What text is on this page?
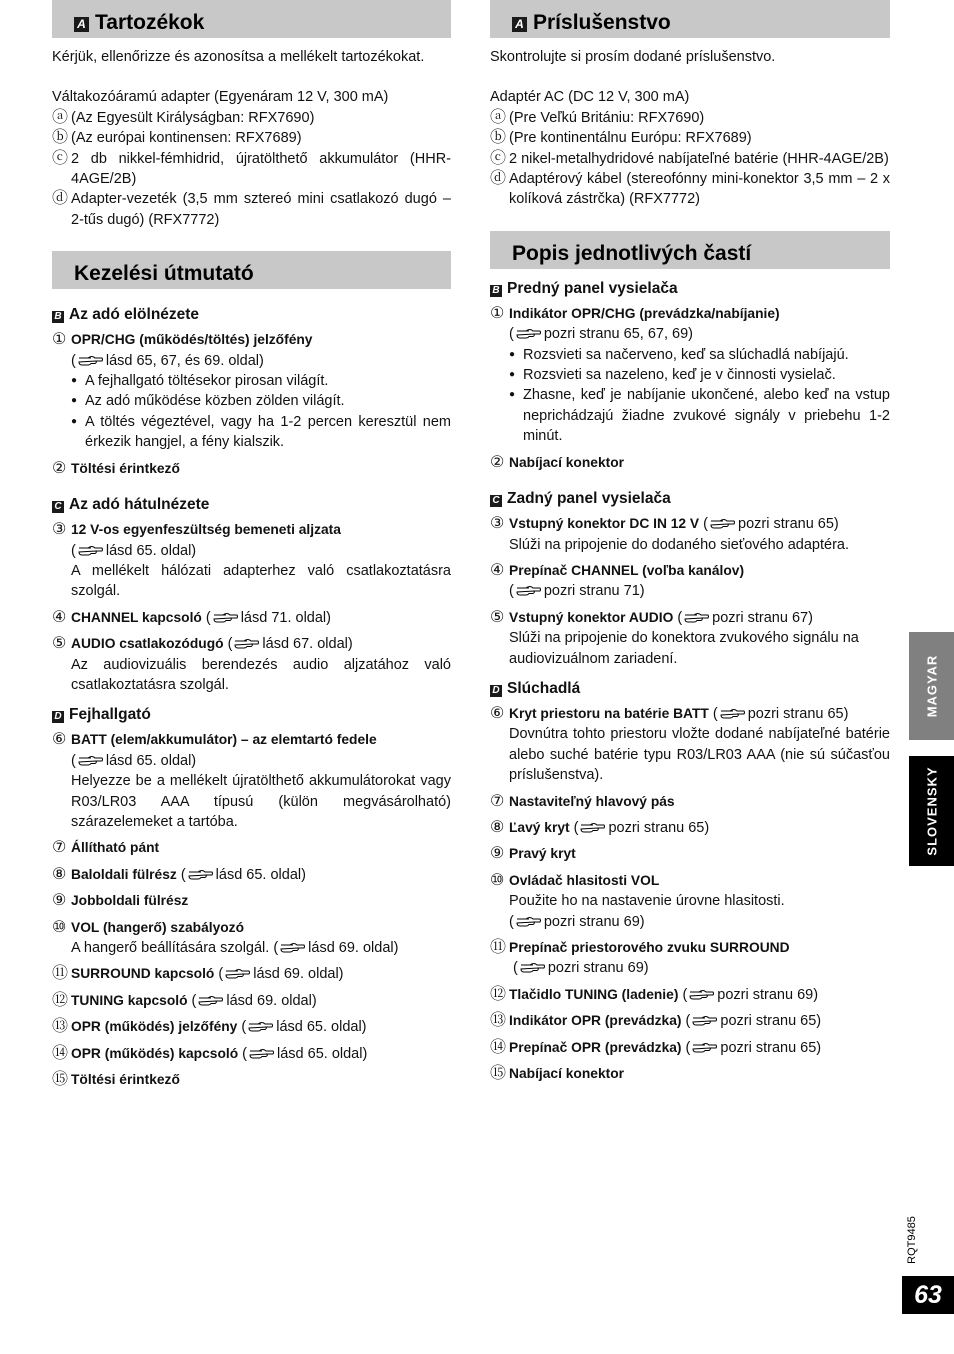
A Tartozékok
Kérjük, ellenőrizze és azonosítsa a mellékelt tartozékokat.
Váltakozóáramú adapter (Egyenáram 12 V, 300 mA)
ⓐ (Az Egyesült Királyságban: RFX7690)
ⓑ (Az európai kontinensen: RFX7689)
ⓒ 2 db nikkel-fémhidrid, újratölthető akkumulátor (HHR-4AGE/2B)
ⓓ Adapter-vezeték (3,5 mm sztereó mini csatlakozó dugó – 2-tűs dugó) (RFX7772)
Kezelési útmutató
B Az adó elölnézete
① OPR/CHG (működés/töltés) jelzőfény
( lásd 65, 67, és 69. oldal)
● A fejhallgató töltésekor pirosan világít.
● Az adó működése közben zölden világít.
● A töltés végeztével, vagy ha 1-2 percen keresztül nem érkezik hangjel, a fény kialszik.
② Töltési érintkező
C Az adó hátulnézete
③ 12 V-os egyenfeszültség bemeneti aljzata
( lásd 65. oldal)
A mellékelt hálózati adapterhez való csatlakoztatásra szolgál.
④ CHANNEL kapcsoló ( lásd 71. oldal)
⑤ AUDIO csatlakozódugó ( lásd 67. oldal)
Az audiovizuális berendezés audio aljzatához való csatlakoztatásra szolgál.
D Fejhallgató
⑥ BATT (elem/akkumulátor) – az elemtartó fedele
( lásd 65. oldal)
Helyezze be a mellékelt újratölthető akkumulátorokat vagy R03/LR03 AAA típusú (külön megvásárolható) szárazelemeket a tartóba.
⑦ Állítható pánt
⑧ Baloldali fülrész ( lásd 65. oldal)
⑨ Jobboldali fülrész
⑩ VOL (hangerő) szabályozó
A hangerő beállítására szolgál. ( lásd 69. oldal)
⑪ SURROUND kapcsoló ( lásd 69. oldal)
⑫ TUNING kapcsoló ( lásd 69. oldal)
⑬ OPR (működés) jelzőfény ( lásd 65. oldal)
⑭ OPR (működés) kapcsoló ( lásd 65. oldal)
⑮ Töltési érintkező
A Príslušenstvo
Skontrolujte si prosím dodané príslušenstvo.
Adaptér AC (DC 12 V, 300 mA)
ⓐ (Pre Veľkú Britániu: RFX7690)
ⓑ (Pre kontinentálnu Európu: RFX7689)
ⓒ 2 nikel-metalhydridové nabíjateľné batérie (HHR-4AGE/2B)
ⓓ Adaptérový kábel (stereofónny mini-konektor 3,5 mm – 2 x kolíková zástrčka) (RFX7772)
Popis jednotlivých častí
B Predný panel vysielača
① Indikátor OPR/CHG (prevádzka/nabíjanie)
( pozri stranu 65, 67, 69)
● Rozsvieti sa načerveno, keď sa slúchadlá nabíjajú.
● Rozsvieti sa nazeleno, keď je v činnosti vysielač.
● Zhasne, keď je nabíjanie ukončené, alebo keď na vstup neprichádzajú žiadne zvukové signály v priebehu 1-2 minút.
② Nabíjací konektor
C Zadný panel vysielača
③ Vstupný konektor DC IN 12 V ( pozri stranu 65)
Slúži na pripojenie do dodaného sieťového adaptéra.
④ Prepínač CHANNEL (voľba kanálov)
( pozri stranu 71)
⑤ Vstupný konektor AUDIO ( pozri stranu 67)
Slúži na pripojenie do konektora zvukového signálu na audiovizuálnom zariadení.
D Slúchadlá
⑥ Kryt priestoru na batérie BATT ( pozri stranu 65)
Dovnútra tohto priestoru vložte dodané nabíjateľné batérie alebo suché batérie typu R03/LR03 AAA (nie sú súčasťou príslušenstva).
⑦ Nastaviteľný hlavový pás
⑧ Ľavý kryt ( pozri stranu 65)
⑨ Pravý kryt
⑩ Ovládač hlasitosti VOL
Použite ho na nastavenie úrovne hlasitosti.
( pozri stranu 69)
⑪ Prepínač priestorového zvuku SURROUND
( pozri stranu 69)
⑫ Tlačidlo TUNING (ladenie) ( pozri stranu 69)
⑬ Indikátor OPR (prevádzka) ( pozri stranu 65)
⑭ Prepínač OPR (prevádzka) ( pozri stranu 65)
⑮ Nabíjací konektor
MAGYAR
SLOVENSKY
RQT9485
63
